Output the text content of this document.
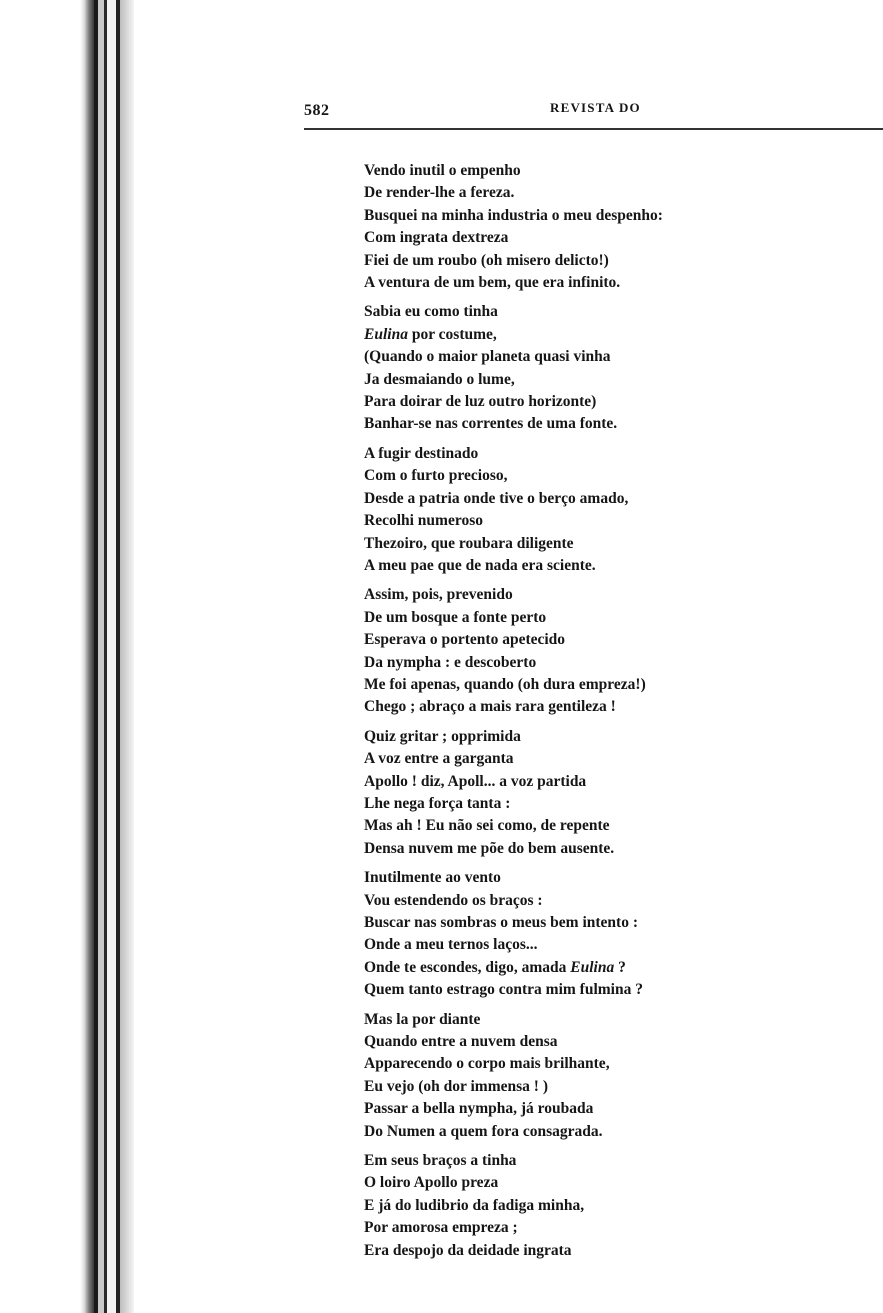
582	REVISTA DO
Vendo inutil o empenho
De render-lhe a fereza.
Busquei na minha industria o meu despenho:
Com ingrata dextreza
Fiei de um roubo (oh misero delicto!)
A ventura de um bem, que era infinito.
Sabia eu como tinha
Eulina por costume,
(Quando o maior planeta quasi vinha
Ja desmaiando o lume,
Para doirar de luz outro horizonte)
Banhar-se nas correntes de uma fonte.
A fugir destinado
Com o furto precioso,
Desde a patria onde tive o berço amado,
Recolhi numeroso
Thezoiro, que roubara diligente
A meu pae que de nada era sciente.
Assim, pois, prevenido
De um bosque a fonte perto
Esperava o portento apetecido
Da nympha : e descoberto
Me foi apenas, quando (oh dura empreza!)
Chego ; abraço a mais rara gentileza !
Quiz gritar ; opprimida
A voz entre a garganta
Apollo ! diz, Apoll... a voz partida
Lhe nega força tanta :
Mas ah ! Eu não sei como, de repente
Densa nuvem me põe do bem ausente.
Inutilmente ao vento
Vou estendendo os braços :
Buscar nas sombras o meus bem intento :
Onde a meu ternos laços...
Onde te escondes, digo, amada Eulina ?
Quem tanto estrago contra mim fulmina ?
Mas la por diante
Quando entre a nuvem densa
Apparecendo o corpo mais brilhante,
Eu vejo (oh dor immensa ! )
Passar a bella nympha, já roubada
Do Numen a quem fora consagrada.
Em seus braços a tinha
O loiro Apollo preza
E já do ludibrio da fadiga minha,
Por amorosa empreza ;
Era despojo da deidade ingrata
